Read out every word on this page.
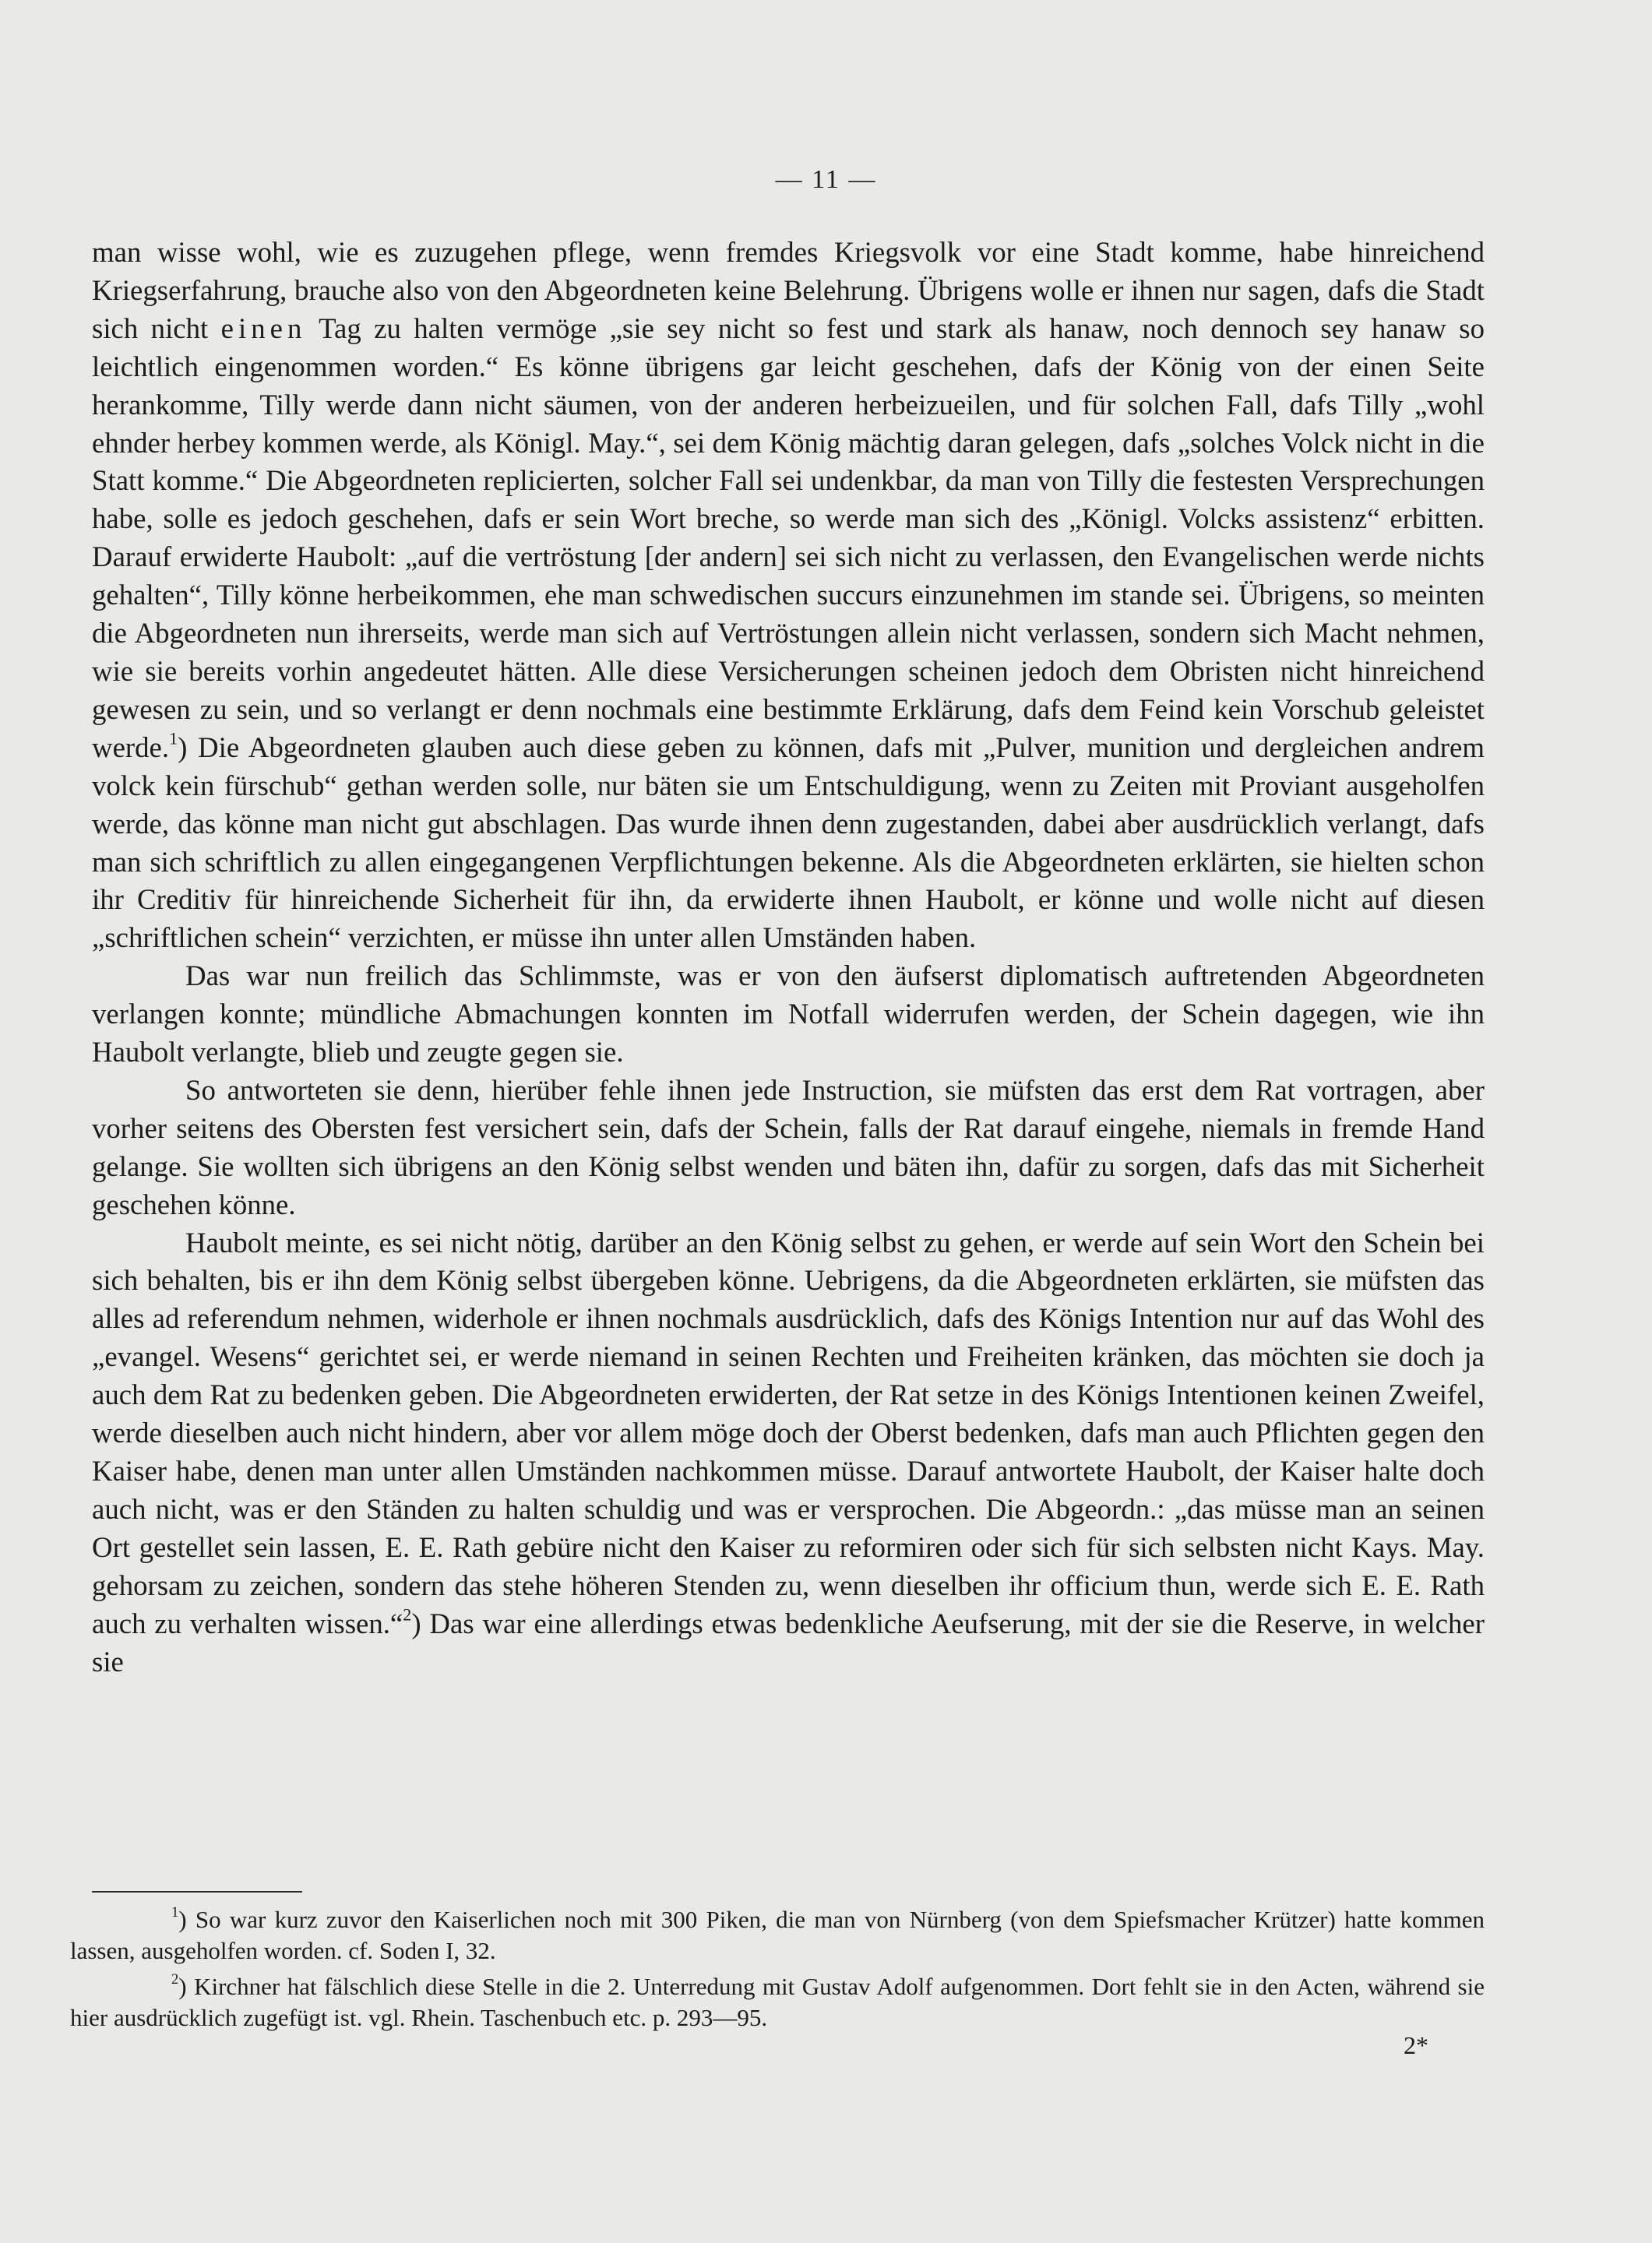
— 11 —

man wisse wohl, wie es zuzugehen pflege, wenn fremdes Kriegsvolk vor eine Stadt komme, habe hinreichend Kriegserfahrung, brauche also von den Abgeordneten keine Belehrung. Übrigens wolle er ihnen nur sagen, dafs die Stadt sich nicht einen Tag zu halten vermöge „sie sey nicht so fest und stark als hanaw, noch dennoch sey hanaw so leichtlich eingenommen worden.“ Es könne übrigens gar leicht geschehen, dafs der König von der einen Seite herankomme, Tilly werde dann nicht säumen, von der anderen herbeizueilen, und für solchen Fall, dafs Tilly „wohl ehnder herbey kommen werde, als Königl. May.“, sei dem König mächtig daran gelegen, dafs „solches Volck nicht in die Statt komme.“ Die Abgeordneten replicierten, solcher Fall sei undenkbar, da man von Tilly die festesten Versprechungen habe, solle es jedoch geschehen, dafs er sein Wort breche, so werde man sich des „Königl. Volcks assistenz“ erbitten. Darauf erwiderte Haubolt: „auf die vertröstung [der andern] sei sich nicht zu verlassen, den Evangelischen werde nichts gehalten“, Tilly könne herbeikommen, ehe man schwedischen succurs einzunehmen im stande sei. Übrigens, so meinten die Abgeordneten nun ihrerseits, werde man sich auf Vertröstungen allein nicht verlassen, sondern sich Macht nehmen, wie sie bereits vorhin angedeutet hätten. Alle diese Versicherungen scheinen jedoch dem Obristen nicht hinreichend gewesen zu sein, und so verlangt er denn nochmals eine bestimmte Erklärung, dafs dem Feind kein Vorschub geleistet werde.$^1$) Die Abgeordneten glauben auch diese geben zu können, dafs mit „Pulver, munition und dergleichen andrem volck kein fürschub“ gethan werden solle, nur bäten sie um Entschuldigung, wenn zu Zeiten mit Proviant ausgeholfen werde, das könne man nicht gut abschlagen. Das wurde ihnen denn zugestanden, dabei aber ausdrücklich verlangt, dafs man sich schriftlich zu allen eingegangenen Verpflichtungen bekenne. Als die Abgeordneten erklärten, sie hielten schon ihr Creditiv für hinreichende Sicherheit für ihn, da erwiderte ihnen Haubolt, er könne und wolle nicht auf diesen „schriftlichen schein“ verzichten, er müsse ihn unter allen Umständen haben.

Das war nun freilich das Schlimmste, was er von den äufserst diplomatisch auftretenden Abgeordneten verlangen konnte; mündliche Abmachungen konnten im Notfall widerrufen werden, der Schein dagegen, wie ihn Haubolt verlangte, blieb und zeugte gegen sie.

So antworteten sie denn, hierüber fehle ihnen jede Instruction, sie müfsten das erst dem Rat vortragen, aber vorher seitens des Obersten fest versichert sein, dafs der Schein, falls der Rat darauf eingehe, niemals in fremde Hand gelange. Sie wollten sich übrigens an den König selbst wenden und bäten ihn, dafür zu sorgen, dafs das mit Sicherheit geschehen könne.

Haubolt meinte, es sei nicht nötig, darüber an den König selbst zu gehen, er werde auf sein Wort den Schein bei sich behalten, bis er ihn dem König selbst übergeben könne. Uebrigens, da die Abgeordneten erklärten, sie müfsten das alles ad referendum nehmen, widerhole er ihnen nochmals ausdrücklich, dafs des Königs Intention nur auf das Wohl des „evangel. Wesens“ gerichtet sei, er werde niemand in seinen Rechten und Freiheiten kränken, das möchten sie doch ja auch dem Rat zu bedenken geben. Die Abgeordneten erwiderten, der Rat setze in des Königs Intentionen keinen Zweifel, werde dieselben auch nicht hindern, aber vor allem möge doch der Oberst bedenken, dafs man auch Pflichten gegen den Kaiser habe, denen man unter allen Umständen nachkommen müsse. Darauf antwortete Haubolt, der Kaiser halte doch auch nicht, was er den Ständen zu halten schuldig und was er versprochen. Die Abgeordn.: „das müsse man an seinen Ort gestellet sein lassen, E. E. Rath gebüre nicht den Kaiser zu reformiren oder sich für sich selbsten nicht Kays. May. gehorsam zu zeichen, sondern das stehe höheren Stenden zu, wenn dieselben ihr officium thun, werde sich E. E. Rath auch zu verhalten wissen.“$^2$) Das war eine allerdings etwas bedenkliche Aeufserung, mit der sie die Reserve, in welcher sie

$^1$) So war kurz zuvor den Kaiserlichen noch mit 300 Piken, die man von Nürnberg (von dem Spiefsmacher Krützer) hatte kommen lassen, ausgeholfen worden. cf. Soden I, 32.

$^2$) Kirchner hat fälschlich diese Stelle in die 2. Unterredung mit Gustav Adolf aufgenommen. Dort fehlt sie in den Acten, während sie hier ausdrücklich zugefügt ist. vgl. Rhein. Taschenbuch etc. p. 293—95.

2*
